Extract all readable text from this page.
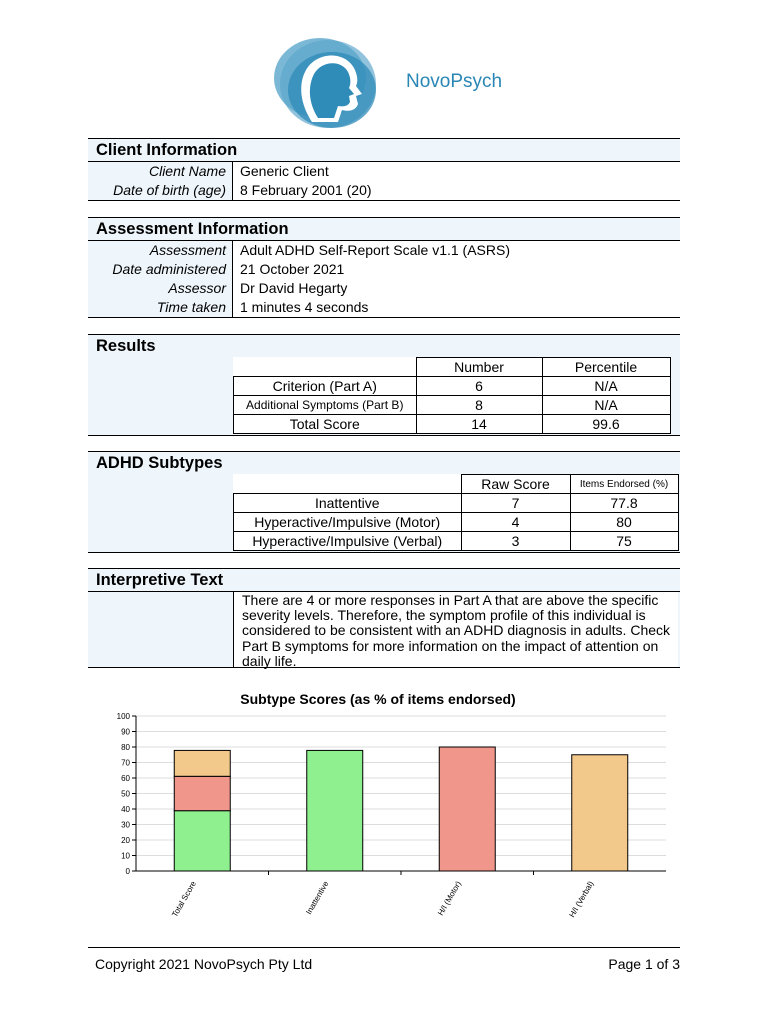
NovoPsych
Client Information
Client Name	Generic Client
Date of birth (age)	8 February 2001 (20)
Assessment Information
Assessment	Adult ADHD Self-Report Scale v1.1 (ASRS)
Date administered	21 October 2021
Assessor	Dr David Hegarty
Time taken	1 minutes 4 seconds
Results
	Number	Percentile
Criterion (Part A)	6	N/A
Additional Symptoms (Part B)	8	N/A
Total Score	14	99.6
ADHD Subtypes
	Raw Score	Items Endorsed (%)
Inattentive	7	77.8
Hyperactive/Impulsive (Motor)	4	80
Hyperactive/Impulsive (Verbal)	3	75
Interpretive Text
There are 4 or more responses in Part A that are above the specific severity levels. Therefore, the symptom profile of this individual is considered to be consistent with an ADHD diagnosis in adults. Check Part B symptoms for more information on the impact of attention on daily life.
Subtype Scores (as % of items endorsed)
0
10
20
30
40
50
60
70
80
90
100
Total Score	Inattentive	H/I (Motor)	H/I (Verbal)
Copyright 2021 NovoPsych Pty Ltd	Page 1 of 3
